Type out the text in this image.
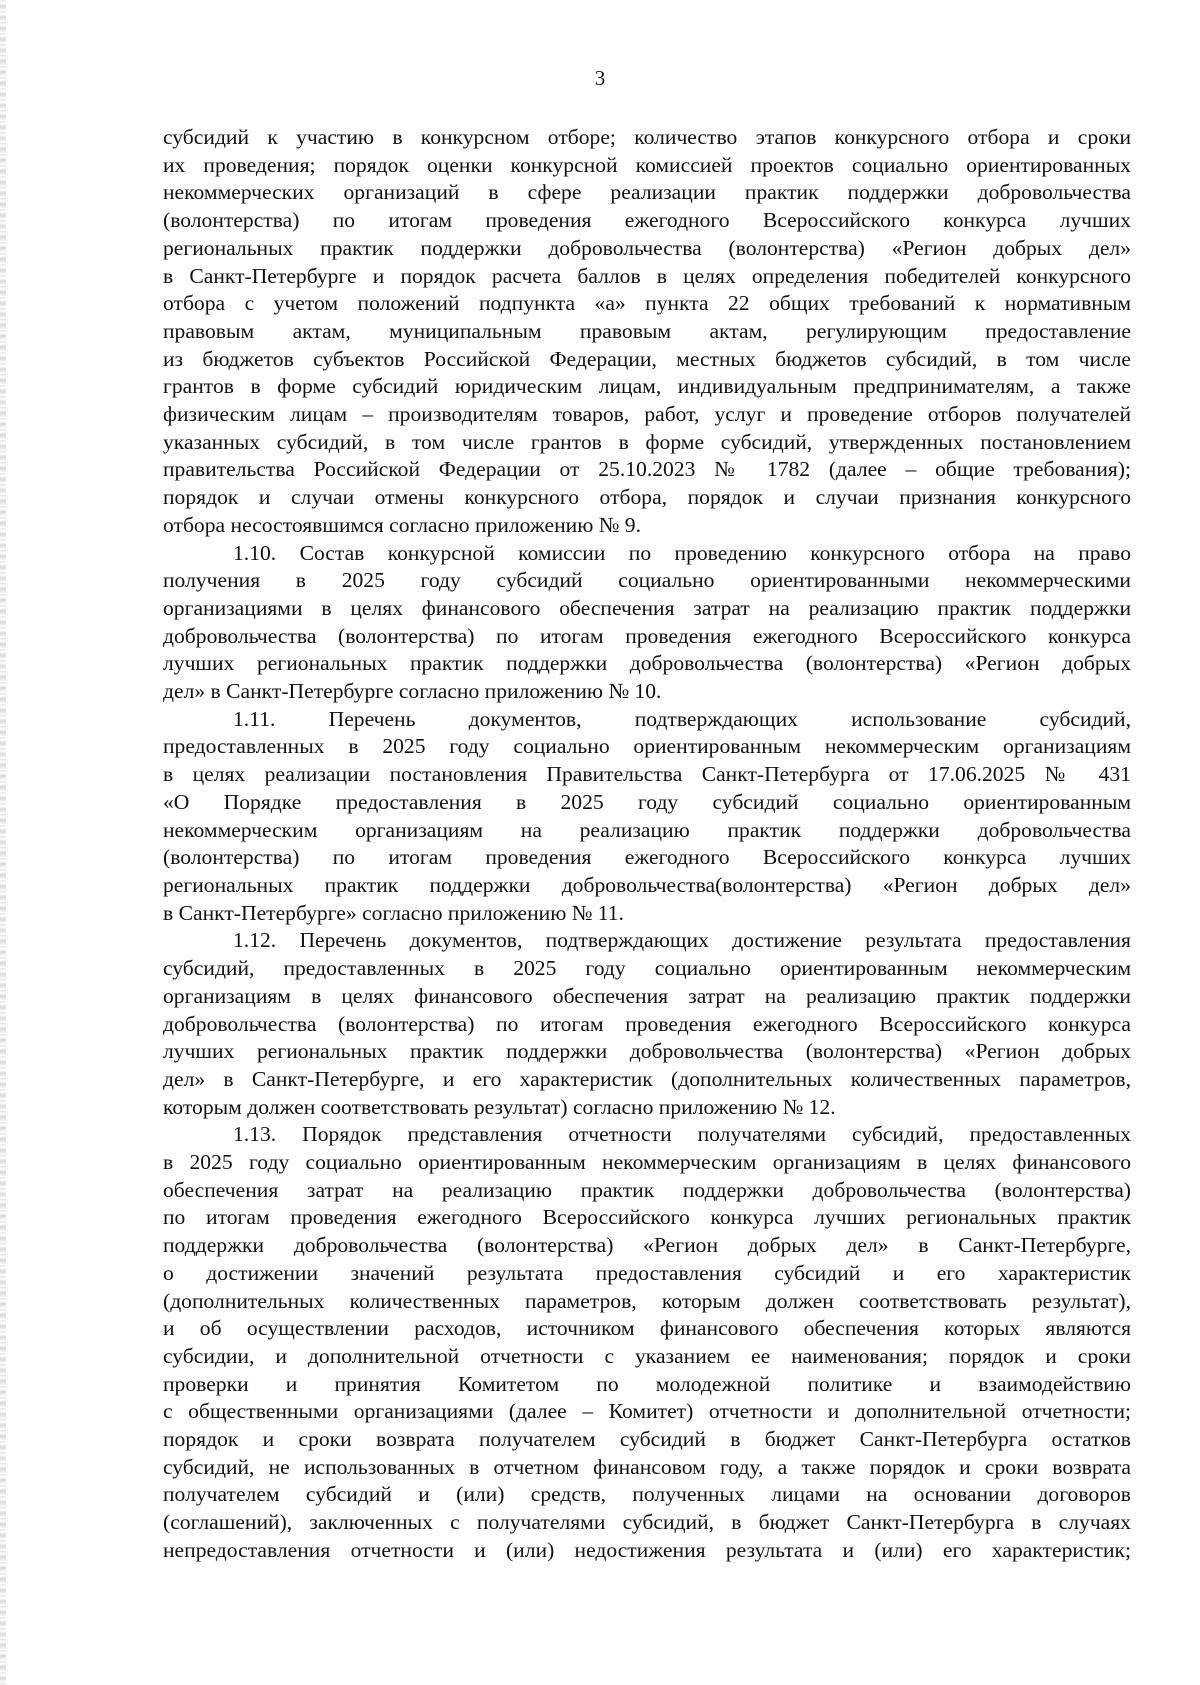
3
субсидий к участию в конкурсном отборе; количество этапов конкурсного отбора и сроки
их проведения; порядок оценки конкурсной комиссией проектов социально ориентированных
некоммерческих организаций в сфере реализации практик поддержки добровольчества
(волонтерства) по итогам проведения ежегодного Всероссийского конкурса лучших
региональных практик поддержки добровольчества (волонтерства) «Регион добрых дел»
в Санкт-Петербурге и порядок расчета баллов в целях определения победителей конкурсного
отбора с учетом положений подпункта «а» пункта 22 общих требований к нормативным
правовым актам, муниципальным правовым актам, регулирующим предоставление
из бюджетов субъектов Российской Федерации, местных бюджетов субсидий, в том числе
грантов в форме субсидий юридическим лицам, индивидуальным предпринимателям, а также
физическим лицам – производителям товаров, работ, услуг и проведение отборов получателей
указанных субсидий, в том числе грантов в форме субсидий, утвержденных постановлением
правительства Российской Федерации от 25.10.2023 № 1782 (далее – общие требования);
порядок и случаи отмены конкурсного отбора, порядок и случаи признания конкурсного
отбора несостоявшимся согласно приложению № 9.
1.10. Состав конкурсной комиссии по проведению конкурсного отбора на право
получения в 2025 году субсидий социально ориентированными некоммерческими
организациями в целях финансового обеспечения затрат на реализацию практик поддержки
добровольчества (волонтерства) по итогам проведения ежегодного Всероссийского конкурса
лучших региональных практик поддержки добровольчества (волонтерства) «Регион добрых
дел» в Санкт-Петербурге согласно приложению № 10.
1.11. Перечень документов, подтверждающих использование субсидий,
предоставленных в 2025 году социально ориентированным некоммерческим организациям
в целях реализации постановления Правительства Санкт-Петербурга от 17.06.2025 № 431
«О Порядке предоставления в 2025 году субсидий социально ориентированным
некоммерческим организациям на реализацию практик поддержки добровольчества
(волонтерства) по итогам проведения ежегодного Всероссийского конкурса лучших
региональных практик поддержки добровольчества(волонтерства) «Регион добрых дел»
в Санкт-Петербурге» согласно приложению № 11.
1.12. Перечень документов, подтверждающих достижение результата предоставления
субсидий, предоставленных в 2025 году социально ориентированным некоммерческим
организациям в целях финансового обеспечения затрат на реализацию практик поддержки
добровольчества (волонтерства) по итогам проведения ежегодного Всероссийского конкурса
лучших региональных практик поддержки добровольчества (волонтерства) «Регион добрых
дел» в Санкт-Петербурге, и его характеристик (дополнительных количественных параметров,
которым должен соответствовать результат) согласно приложению № 12.
1.13. Порядок представления отчетности получателями субсидий, предоставленных
в 2025 году социально ориентированным некоммерческим организациям в целях финансового
обеспечения затрат на реализацию практик поддержки добровольчества (волонтерства)
по итогам проведения ежегодного Всероссийского конкурса лучших региональных практик
поддержки добровольчества (волонтерства) «Регион добрых дел» в Санкт-Петербурге,
о достижении значений результата предоставления субсидий и его характеристик
(дополнительных количественных параметров, которым должен соответствовать результат),
и об осуществлении расходов, источником финансового обеспечения которых являются
субсидии, и дополнительной отчетности с указанием ее наименования; порядок и сроки
проверки и принятия Комитетом по молодежной политике и взаимодействию
с общественными организациями (далее – Комитет) отчетности и дополнительной отчетности;
порядок и сроки возврата получателем субсидий в бюджет Санкт-Петербурга остатков
субсидий, не использованных в отчетном финансовом году, а также порядок и сроки возврата
получателем субсидий и (или) средств, полученных лицами на основании договоров
(соглашений), заключенных с получателями субсидий, в бюджет Санкт-Петербурга в случаях
непредоставления отчетности и (или) недостижения результата и (или) его характеристик;
